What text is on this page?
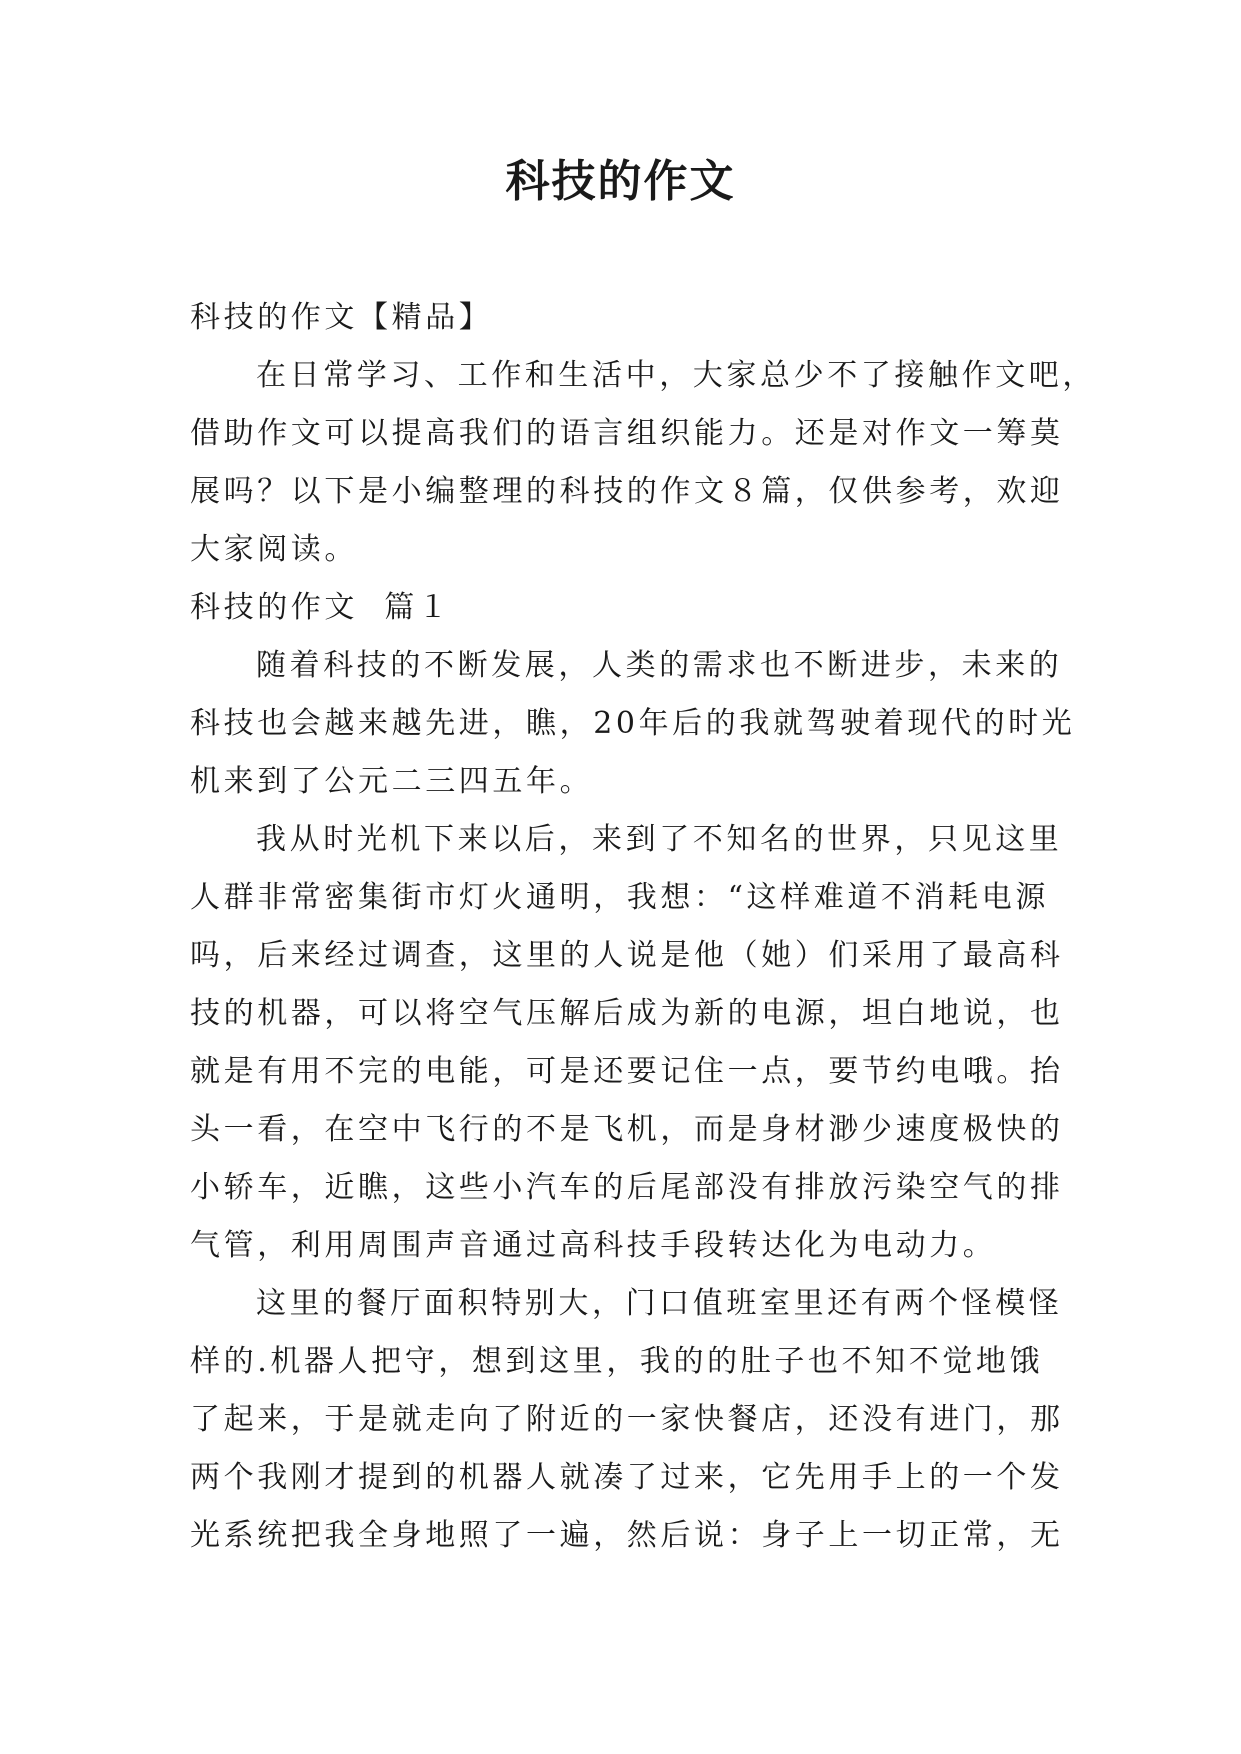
科技的作文

科技的作文【精品】

在日常学习、工作和生活中，大家总少不了接触作文吧，

借助作文可以提高我们的语言组织能力。还是对作文一筹莫

展吗？以下是小编整理的科技的作文８篇，仅供参考，欢迎

大家阅读。

科技的作文  篇１

随着科技的不断发展，人类的需求也不断进步，未来的

科技也会越来越先进，瞧，20年后的我就驾驶着现代的时光

机来到了公元二三四五年。

我从时光机下来以后，来到了不知名的世界，只见这里

人群非常密集街市灯火通明，我想：“这样难道不消耗电源

吗，后来经过调查，这里的人说是他（她）们采用了最高科

技的机器，可以将空气压解后成为新的电源，坦白地说，也

就是有用不完的电能，可是还要记住一点，要节约电哦。抬

头一看，在空中飞行的不是飞机，而是身材渺少速度极快的

小轿车，近瞧，这些小汽车的后尾部没有排放污染空气的排

气管，利用周围声音通过高科技手段转达化为电动力。

这里的餐厅面积特别大，门口值班室里还有两个怪模怪

样的.机器人把守，想到这里，我的的肚子也不知不觉地饿

了起来，于是就走向了附近的一家快餐店，还没有进门，那

两个我刚才提到的机器人就凑了过来，它先用手上的一个发

光系统把我全身地照了一遍，然后说：身子上一切正常，无
